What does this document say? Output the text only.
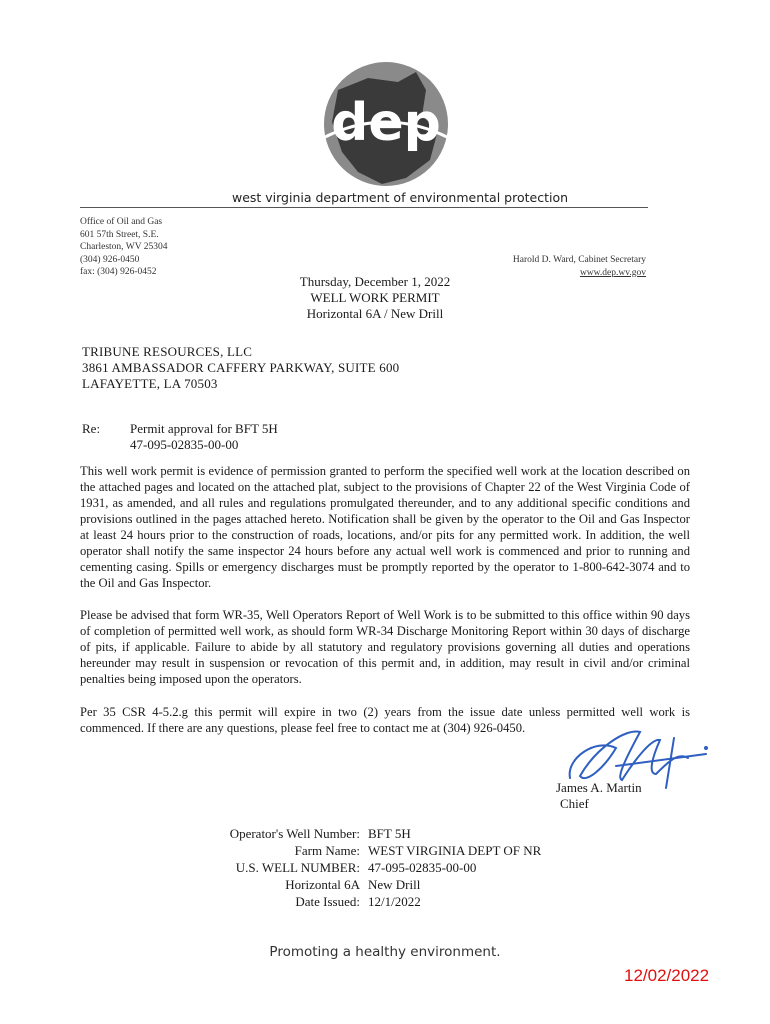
dep
west virginia department of environmental protection
Office of Oil and Gas
601 57th Street, S.E.
Charleston, WV 25304
(304) 926-0450
fax: (304) 926-0452
Harold D. Ward, Cabinet Secretary
www.dep.wv.gov
Thursday, December 1, 2022
WELL WORK PERMIT
Horizontal 6A / New Drill
TRIBUNE RESOURCES, LLC
3861 AMBASSADOR CAFFERY PARKWAY, SUITE 600
LAFAYETTE, LA 70503
Re: Permit approval for BFT 5H
47-095-02835-00-00
This well work permit is evidence of permission granted to perform the specified well work at the location described on the attached pages and located on the attached plat, subject to the provisions of Chapter 22 of the West Virginia Code of 1931, as amended, and all rules and regulations promulgated thereunder, and to any additional specific conditions and provisions outlined in the pages attached hereto. Notification shall be given by the operator to the Oil and Gas Inspector at least 24 hours prior to the construction of roads, locations, and/or pits for any permitted work. In addition, the well operator shall notify the same inspector 24 hours before any actual well work is commenced and prior to running and cementing casing. Spills or emergency discharges must be promptly reported by the operator to 1-800-642-3074 and to the Oil and Gas Inspector.
Please be advised that form WR-35, Well Operators Report of Well Work is to be submitted to this office within 90 days of completion of permitted well work, as should form WR-34 Discharge Monitoring Report within 30 days of discharge of pits, if applicable. Failure to abide by all statutory and regulatory provisions governing all duties and operations hereunder may result in suspension or revocation of this permit and, in addition, may result in civil and/or criminal penalties being imposed upon the operators.
Per 35 CSR 4-5.2.g this permit will expire in two (2) years from the issue date unless permitted well work is commenced. If there are any questions, please feel free to contact me at (304) 926-0450.
James A. Martin
Chief
Operator's Well Number: BFT 5H
Farm Name: WEST VIRGINIA DEPT OF NR
U.S. WELL NUMBER: 47-095-02835-00-00
Horizontal 6A New Drill
Date Issued: 12/1/2022
Promoting a healthy environment.
12/02/2022
